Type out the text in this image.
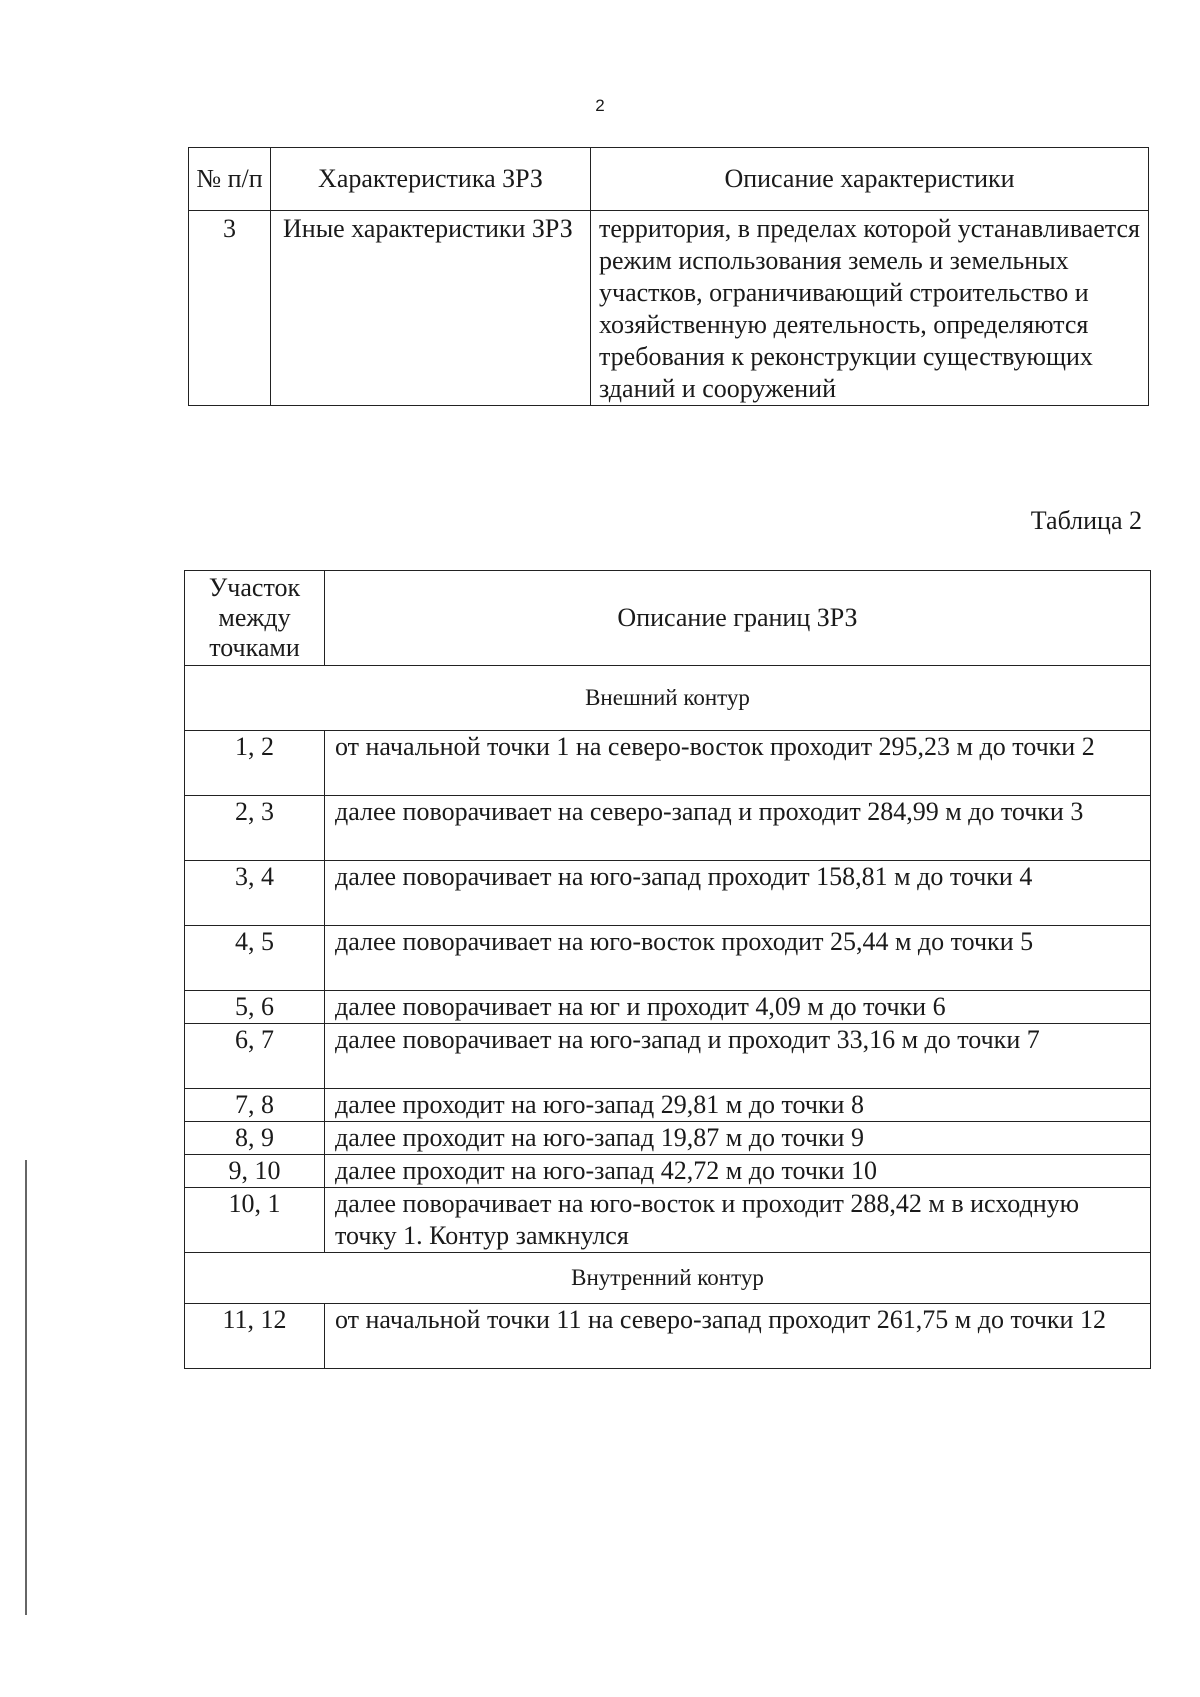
2
№ п/п	Характеристика ЗРЗ	Описание характеристики
3	Иные характеристики ЗРЗ	территория, в пределах которой устанавливается режим использования земель и земельных участков, ограничивающий строительство и хозяйственную деятельность, определяются требования к реконструкции существующих зданий и сооружений
Таблица 2
Участок между точками	Описание границ ЗРЗ
Внешний контур	
1, 2	от начальной точки 1 на северо-восток проходит 295,23 м до точки 2
2, 3	далее поворачивает на северо-запад и проходит 284,99 м до точки 3
3, 4	далее поворачивает на юго-запад проходит 158,81 м до точки 4
4, 5	далее поворачивает на юго-восток проходит 25,44 м до точки 5
5, 6	далее поворачивает на юг и проходит 4,09 м до точки 6
6, 7	далее поворачивает на юго-запад и проходит 33,16 м до точки 7
7, 8	далее проходит на юго-запад 29,81 м до точки 8
8, 9	далее проходит на юго-запад 19,87 м до точки 9
9, 10	далее проходит на юго-запад 42,72 м до точки 10
10, 1	далее поворачивает на юго-восток и проходит 288,42 м в исходную точку 1. Контур замкнулся
Внутренний контур	
11, 12	от начальной точки 11 на северо-запад проходит 261,75 м до точки 12
